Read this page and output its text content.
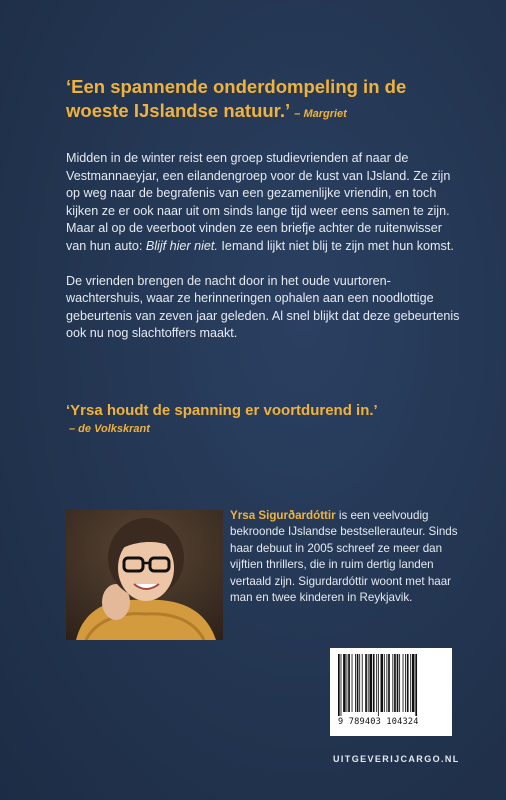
‘Een spannende onderdompeling in de woeste IJslandse natuur.’ – Margriet

Midden in de winter reist een groep studievrienden af naar de Vestmannaeyjar, een eilandengroep voor de kust van IJsland. Ze zijn op weg naar de begrafenis van een gezamenlijke vriendin, en toch kijken ze er ook naar uit om sinds lange tijd weer eens samen te zijn. Maar al op de veerboot vinden ze een briefje achter de ruitenwisser van hun auto: Blijf hier niet. Iemand lijkt niet blij te zijn met hun komst.

De vrienden brengen de nacht door in het oude vuurtoren-wachtershuis, waar ze herinneringen ophalen aan een noodlottige gebeurtenis van zeven jaar geleden. Al snel blijkt dat deze gebeurtenis ook nu nog slachtoffers maakt.

‘Yrsa houdt de spanning er voortdurend in.’
– de Volkskrant
Yrsa Sigurðardóttir is een veelvoudig bekroonde IJslandse bestsellerauteur. Sinds haar debuut in 2005 schreef ze meer dan vijftien thrillers, die in ruim dertig landen vertaald zijn. Sigurdardóttir woont met haar man en twee kinderen in Reykjavik.
9 789403 104324
UITGEVERIJCARGO.NL
